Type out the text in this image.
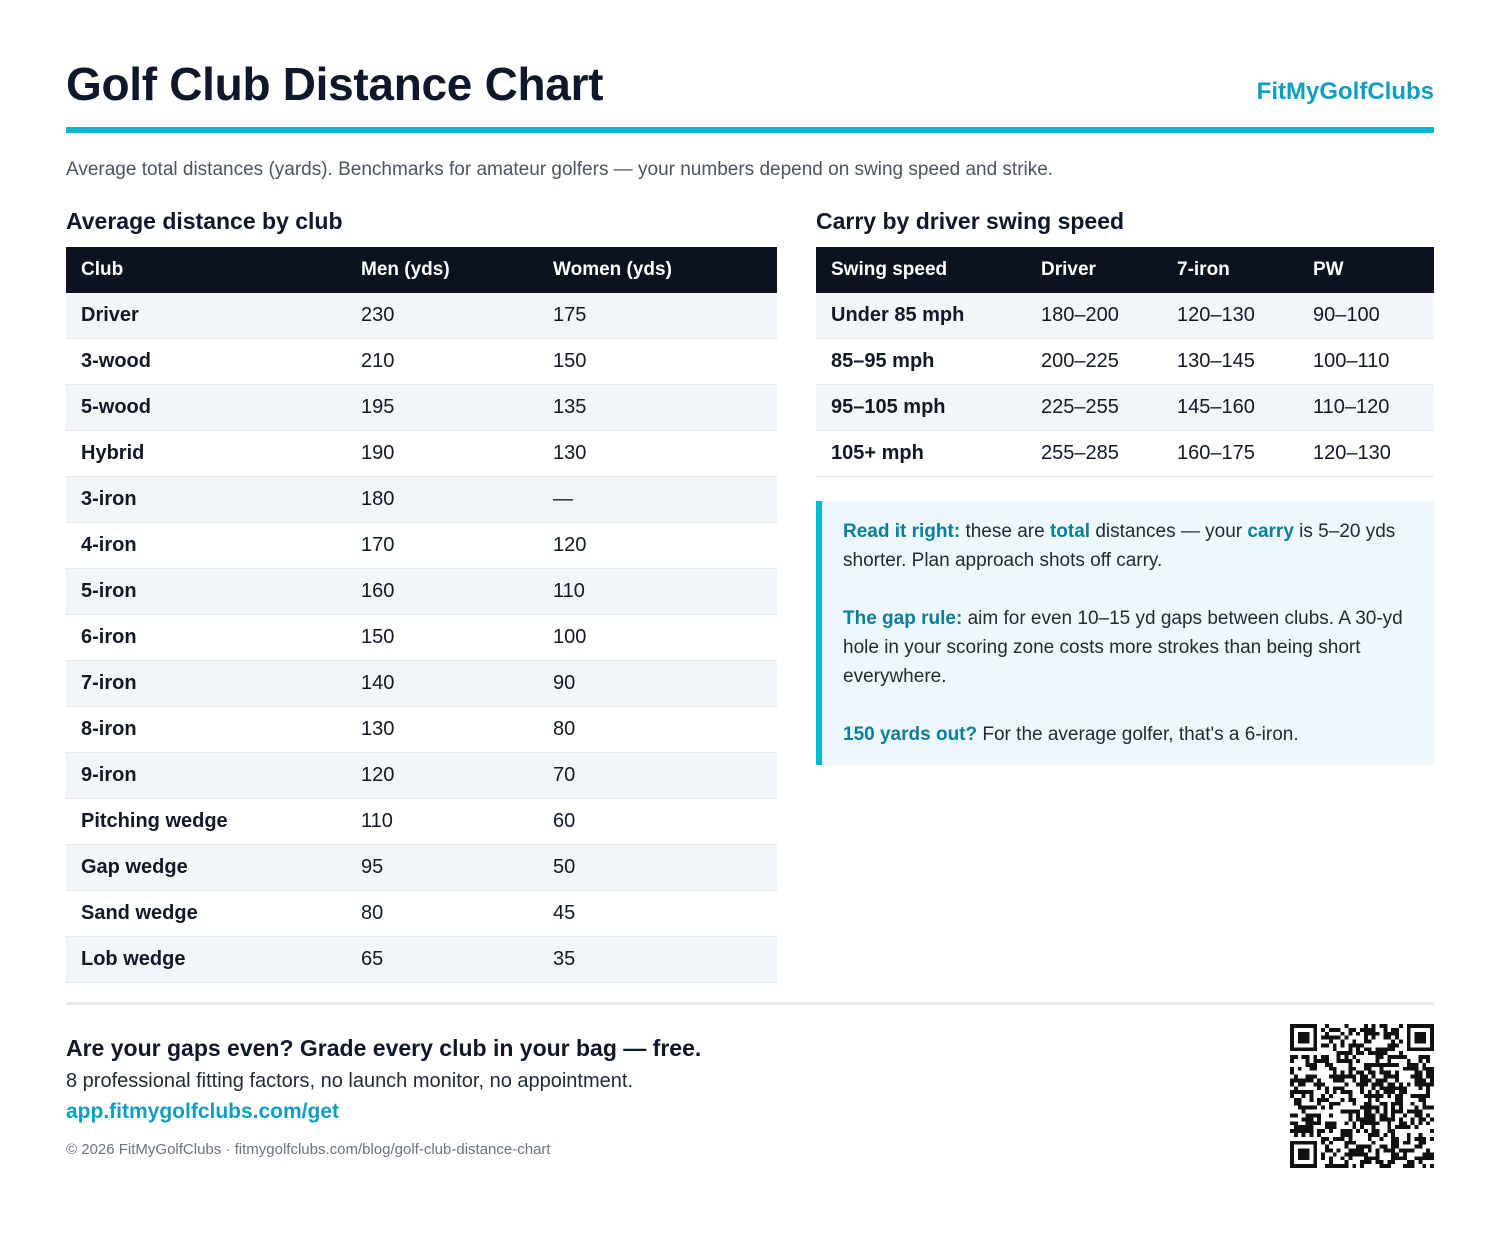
Golf Club Distance Chart	FitMyGolfClubs
Average total distances (yards). Benchmarks for amateur golfers — your numbers depend on swing speed and strike.
Average distance by club
Club	Men (yds)	Women (yds)
Driver	230	175
3-wood	210	150
5-wood	195	135
Hybrid	190	130
3-iron	180	—
4-iron	170	120
5-iron	160	110
6-iron	150	100
7-iron	140	90
8-iron	130	80
9-iron	120	70
Pitching wedge	110	60
Gap wedge	95	50
Sand wedge	80	45
Lob wedge	65	35
Carry by driver swing speed
Swing speed	Driver	7-iron	PW
Under 85 mph	180–200	120–130	90–100
85–95 mph	200–225	130–145	100–110
95–105 mph	225–255	145–160	110–120
105+ mph	255–285	160–175	120–130

Read it right: these are total distances — your carry is 5–20 yds shorter. Plan approach shots off carry.

The gap rule: aim for even 10–15 yd gaps between clubs. A 30-yd hole in your scoring zone costs more strokes than being short everywhere.

150 yards out? For the average golfer, that's a 6-iron.

Are your gaps even? Grade every club in your bag — free.
8 professional fitting factors, no launch monitor, no appointment.
app.fitmygolfclubs.com/get
© 2026 FitMyGolfClubs · fitmygolfclubs.com/blog/golf-club-distance-chart
